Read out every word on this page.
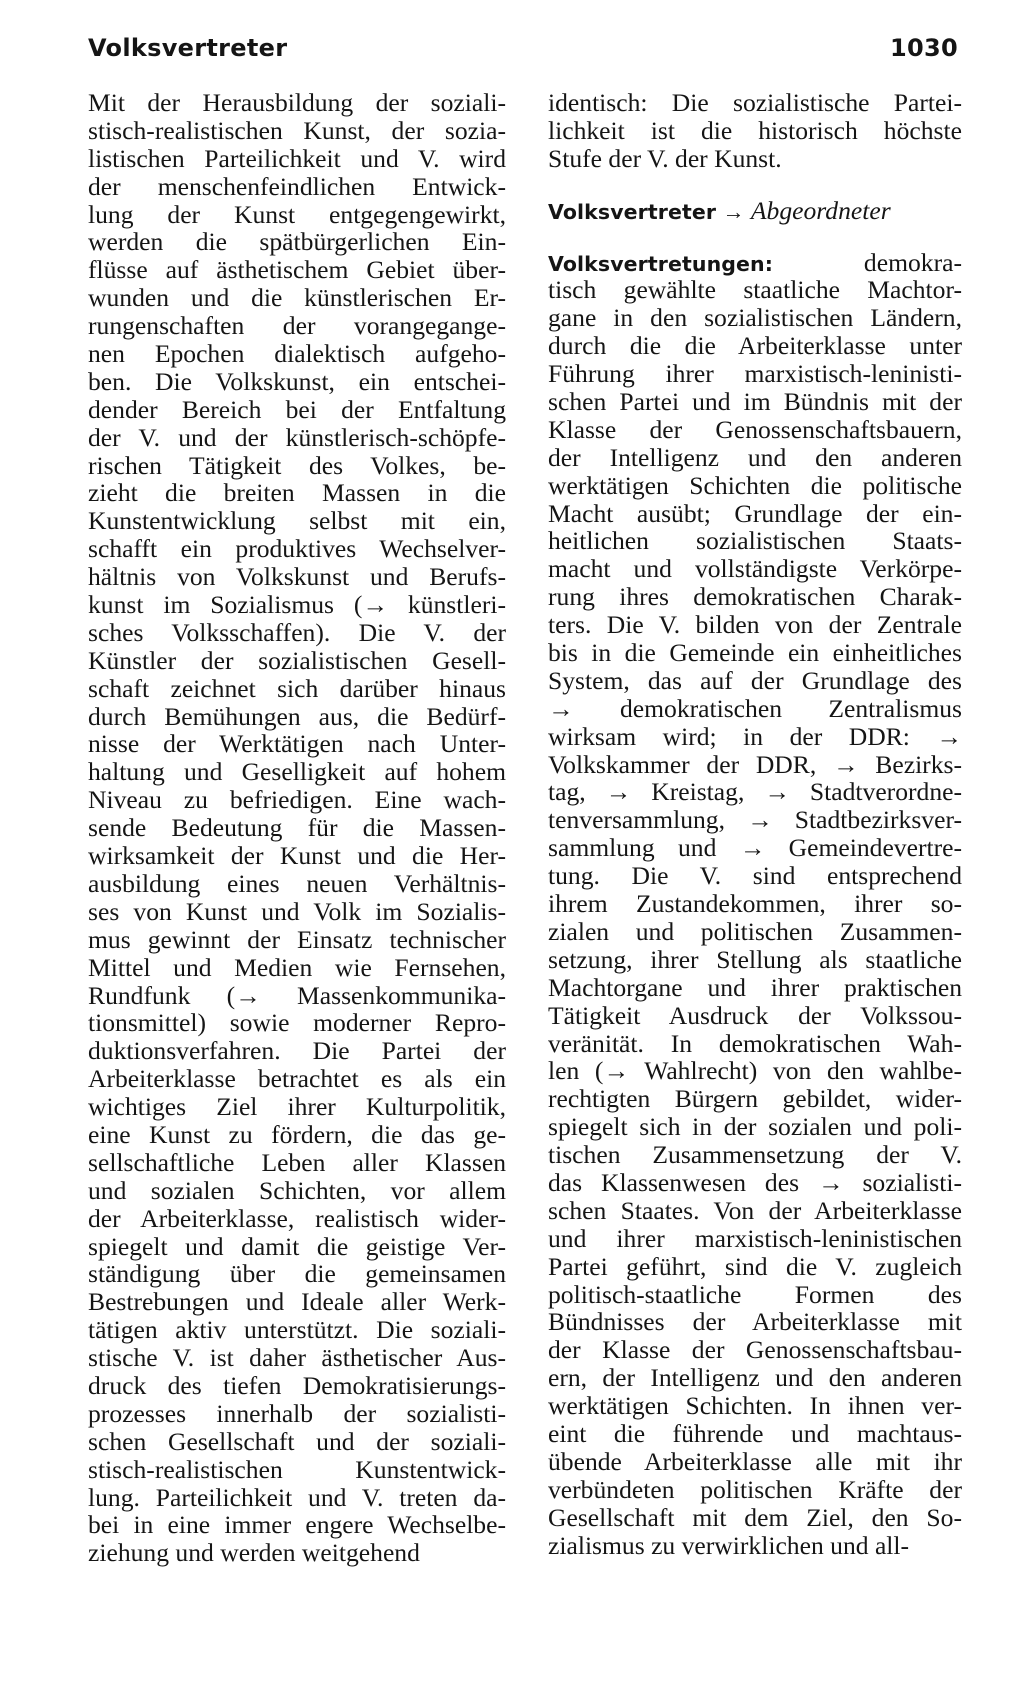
Volksvertreter	1030
Mit der Herausbildung der soziali-
stisch-realistischen Kunst, der sozia-
listischen Parteilichkeit und V. wird
der menschenfeindlichen Entwick-
lung der Kunst entgegengewirkt,
werden die spätbürgerlichen Ein-
flüsse auf ästhetischem Gebiet über-
wunden und die künstlerischen Er-
rungenschaften der vorangegange-
nen Epochen dialektisch aufgeho-
ben. Die Volkskunst, ein entschei-
dender Bereich bei der Entfaltung
der V. und der künstlerisch-schöpfe-
rischen Tätigkeit des Volkes, be-
zieht die breiten Massen in die
Kunstentwicklung selbst mit ein,
schafft ein produktives Wechselver-
hältnis von Volkskunst und Berufs-
kunst im Sozialismus (→ künstleri-
sches Volksschaffen). Die V. der
Künstler der sozialistischen Gesell-
schaft zeichnet sich darüber hinaus
durch Bemühungen aus, die Bedürf-
nisse der Werktätigen nach Unter-
haltung und Geselligkeit auf hohem
Niveau zu befriedigen. Eine wach-
sende Bedeutung für die Massen-
wirksamkeit der Kunst und die Her-
ausbildung eines neuen Verhältnis-
ses von Kunst und Volk im Sozialis-
mus gewinnt der Einsatz technischer
Mittel und Medien wie Fernsehen,
Rundfunk (→ Massenkommunika-
tionsmittel) sowie moderner Repro-
duktionsverfahren. Die Partei der
Arbeiterklasse betrachtet es als ein
wichtiges Ziel ihrer Kulturpolitik,
eine Kunst zu fördern, die das ge-
sellschaftliche Leben aller Klassen
und sozialen Schichten, vor allem
der Arbeiterklasse, realistisch wider-
spiegelt und damit die geistige Ver-
ständigung über die gemeinsamen
Bestrebungen und Ideale aller Werk-
tätigen aktiv unterstützt. Die soziali-
stische V. ist daher ästhetischer Aus-
druck des tiefen Demokratisierungs-
prozesses innerhalb der sozialisti-
schen Gesellschaft und der soziali-
stisch-realistischen Kunstentwick-
lung. Parteilichkeit und V. treten da-
bei in eine immer engere Wechselbe-
ziehung und werden weitgehend
identisch: Die sozialistische Partei-
lichkeit ist die historisch höchste
Stufe der V. der Kunst.
Volksvertreter → Abgeordneter
Volksvertretungen:	demokra-
tisch gewählte staatliche Machtor-
gane in den sozialistischen Ländern,
durch die die Arbeiterklasse unter
Führung ihrer marxistisch-leninisti-
schen Partei und im Bündnis mit der
Klasse der Genossenschaftsbauern,
der Intelligenz und den anderen
werktätigen Schichten die politische
Macht ausübt; Grundlage der ein-
heitlichen sozialistischen Staats-
macht und vollständigste Verkörpe-
rung ihres demokratischen Charak-
ters. Die V. bilden von der Zentrale
bis in die Gemeinde ein einheitliches
System, das auf der Grundlage des
→ demokratischen Zentralismus
wirksam wird; in der DDR: →
Volkskammer der DDR, → Bezirks-
tag, → Kreistag, → Stadtverordne-
tenversammlung, → Stadtbezirksver-
sammlung und → Gemeindevertre-
tung. Die V. sind entsprechend
ihrem Zustandekommen, ihrer so-
zialen und politischen Zusammen-
setzung, ihrer Stellung als staatliche
Machtorgane und ihrer praktischen
Tätigkeit Ausdruck der Volkssou-
veränität. In demokratischen Wah-
len (→ Wahlrecht) von den wahlbe-
rechtigten Bürgern gebildet, wider-
spiegelt sich in der sozialen und poli-
tischen Zusammensetzung der V.
das Klassenwesen des → sozialisti-
schen Staates. Von der Arbeiterklasse
und ihrer marxistisch-leninistischen
Partei geführt, sind die V. zugleich
politisch-staatliche Formen des
Bündnisses der Arbeiterklasse mit
der Klasse der Genossenschaftsbau-
ern, der Intelligenz und den anderen
werktätigen Schichten. In ihnen ver-
eint die führende und machtaus-
übende Arbeiterklasse alle mit ihr
verbündeten politischen Kräfte der
Gesellschaft mit dem Ziel, den So-
zialismus zu verwirklichen und all-
